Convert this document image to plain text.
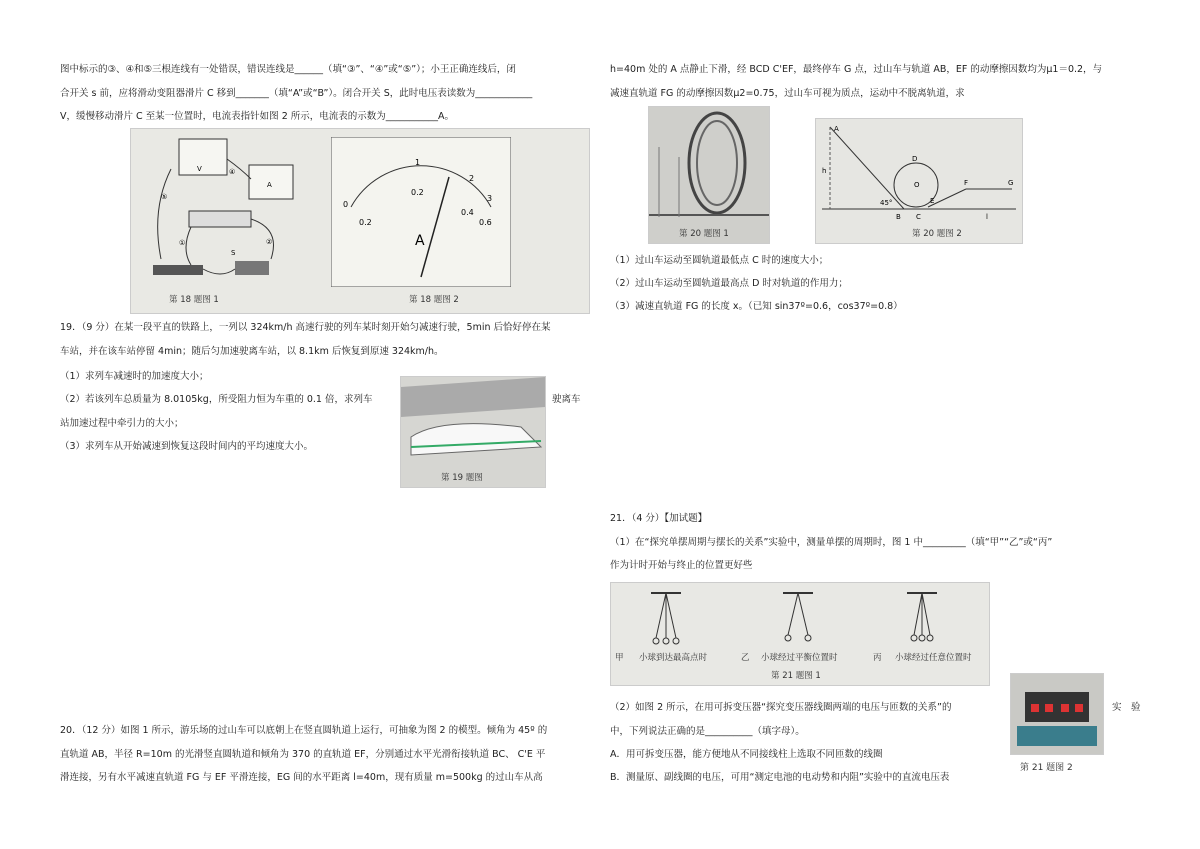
图中标示的③、④和⑤三根连线有一处错误，错误连线是______（填“③”、“④”或“⑤”）；小王正确连线后，闭
合开关 s 前，应将滑动变阻器滑片 C 移到_______（填“A”或“B”）。闭合开关 S，此时电压表读数为____________
V，缓慢移动滑片 C 至某一位置时，电流表指针如图 2 所示，电流表的示数为___________A。
V
A
④
⑤
②
①
S
第 18 题图 1
0
0.2
0.2
0.4
0.6
1
2
3
A
第 18 题图 2
19．（9 分）在某一段平直的铁路上，一列以 324km/h 高速行驶的列车某时刻开始匀减速行驶，5min 后恰好停在某
车站，并在该车站停留 4min；随后匀加速驶离车站，以 8.1km 后恢复到原速 324km/h。
（1）求列车减速时的加速度大小；
（2）若该列车总质量为 8.0105kg，所受阻力恒为车重的 0.1 倍，求列车	驶离车
站加速过程中牵引力的大小；
（3）求列车从开始减速到恢复这段时间内的平均速度大小。
第 19 题图
20．（12 分）如图 1 所示，游乐场的过山车可以底朝上在竖直圆轨道上运行，可抽象为图 2 的模型。倾角为 45º 的
直轨道 AB，半径 R=10m 的光滑竖直圆轨道和倾角为 370 的直轨道 EF，分别通过水平光滑衔接轨道 BC、 C'E 平
滑连接，另有水平减速直轨道 FG 与 EF 平滑连接，EG 间的水平距离 l=40m，现有质量 m=500kg 的过山车从高
h=40m 处的 A 点静止下滑，经 BCD C'EF，最终停车 G 点，过山车与轨道 AB，EF 的动摩擦因数均为μ1＝0.2，与
减速直轨道 FG 的动摩擦因数μ2=0.75，过山车可视为质点，运动中不脱离轨道，求
第 20 题图 1
A
h
B C
D
E
F	G
O
45°
l
第 20 题图 2
（1）过山车运动至圆轨道最低点 C 时的速度大小；
（2）过山车运动至圆轨道最高点 D 时对轨道的作用力；
（3）减速直轨道 FG 的长度 x。（已知 sin37º=0.6，cos37º=0.8）
21．（4 分）【加试题】
（1）在“探究单摆周期与摆长的关系”实验中，测量单摆的周期时，图 1 中_________（填“甲”“乙”或“丙”
作为计时开始与终止的位置更好些
甲 小球到达最高点时	乙 小球经过平衡位置时	丙 小球经过任意位置时
第 21 题图 1
（2）如图 2 所示，在用可拆变压器“探究变压器线圈两端的电压与匝数的关系”的	实　验
中，下列说法正确的是__________（填字母）。
A．用可拆变压器，能方便地从不同接线柱上选取不同匝数的线圈
B．测量原、副线圈的电压，可用“测定电池的电动势和内阻”实验中的直流电压表
第 21 题图 2
